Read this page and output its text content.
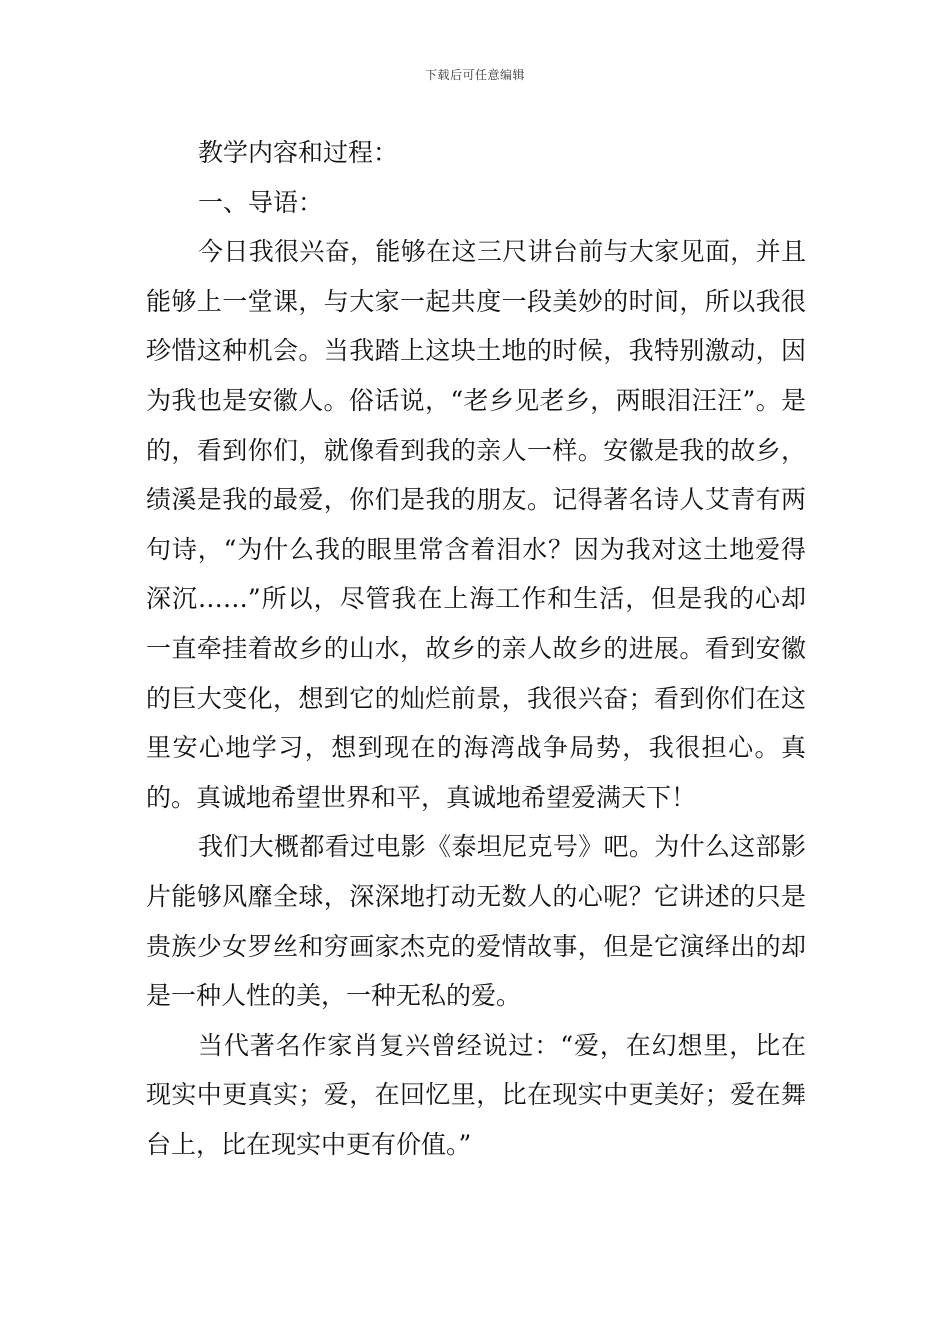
下载后可任意编辑

教学内容和过程：

一、导语：

今日我很兴奋，能够在这三尺讲台前与大家见面，并且能够上一堂课，与大家一起共度一段美妙的时间，所以我很珍惜这种机会。当我踏上这块土地的时候，我特别激动，因为我也是安徽人。俗话说，“老乡见老乡，两眼泪汪汪”。是的，看到你们，就像看到我的亲人一样。安徽是我的故乡，绩溪是我的最爱，你们是我的朋友。记得著名诗人艾青有两句诗，“为什么我的眼里常含着泪水？因为我对这土地爱得深沉……”所以，尽管我在上海工作和生活，但是我的心却一直牵挂着故乡的山水，故乡的亲人故乡的进展。看到安徽的巨大变化，想到它的灿烂前景，我很兴奋；看到你们在这里安心地学习，想到现在的海湾战争局势，我很担心。真的。真诚地希望世界和平，真诚地希望爱满天下！

我们大概都看过电影《泰坦尼克号》吧。为什么这部影片能够风靡全球，深深地打动无数人的心呢？它讲述的只是贵族少女罗丝和穷画家杰克的爱情故事，但是它演绎出的却是一种人性的美，一种无私的爱。

当代著名作家肖复兴曾经说过：“爱，在幻想里，比在现实中更真实；爱，在回忆里，比在现实中更美好；爱在舞台上，比在现实中更有价值。”
